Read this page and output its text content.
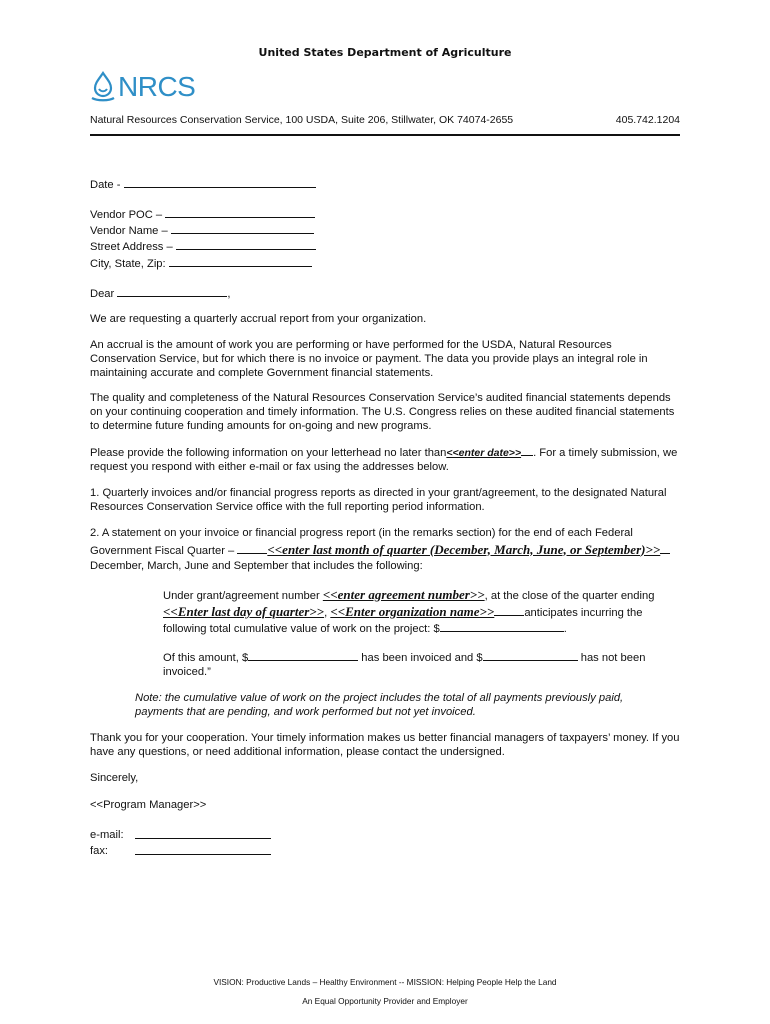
United States Department of Agriculture
NRCS
Natural Resources Conservation Service, 100 USDA, Suite 206, Stillwater, OK 74074-2655	405.742.1204
Date -
Vendor POC –
Vendor Name –
Street Address –
City, State, Zip:
Dear	,
We are requesting a quarterly accrual report from your organization.
An accrual is the amount of work you are performing or have performed for the USDA, Natural Resources Conservation Service, but for which there is no invoice or payment. The data you provide plays an integral role in maintaining accurate and complete Government financial statements.
The quality and completeness of the Natural Resources Conservation Service’s audited financial statements depends on your continuing cooperation and timely information. The U.S. Congress relies on these audited financial statements to determine future funding amounts for on-going and new programs.
Please provide the following information on your letterhead no later than<<enter date>> . For a timely submission, we request you respond with either e-mail or fax using the addresses below.
1. Quarterly invoices and/or financial progress reports as directed in your grant/agreement, to the designated Natural Resources Conservation Service office with the full reporting period information.
2. A statement on your invoice or financial progress report (in the remarks section) for the end of each Federal Government Fiscal Quarter – <<enter last month of quarter (December, March, June, or September)>>December, March, June and September that includes the following:
Under grant/agreement number <<enter agreement number>>, at the close of the quarter ending <<Enter last day of quarter>>, <<Enter organization name>>	anticipates incurring the following total cumulative value of work on the project: $	.
Of this amount, $	has been invoiced and $	has not been invoiced.”
Note: the cumulative value of work on the project includes the total of all payments previously paid, payments that are pending, and work performed but not yet invoiced.
Thank you for your cooperation. Your timely information makes us better financial managers of taxpayers’ money. If you have any questions, or need additional information, please contact the undersigned.
Sincerely,
<<Program Manager>>
e-mail:
fax:
VISION: Productive Lands – Healthy Environment -- MISSION: Helping People Help the Land
An Equal Opportunity Provider and Employer
